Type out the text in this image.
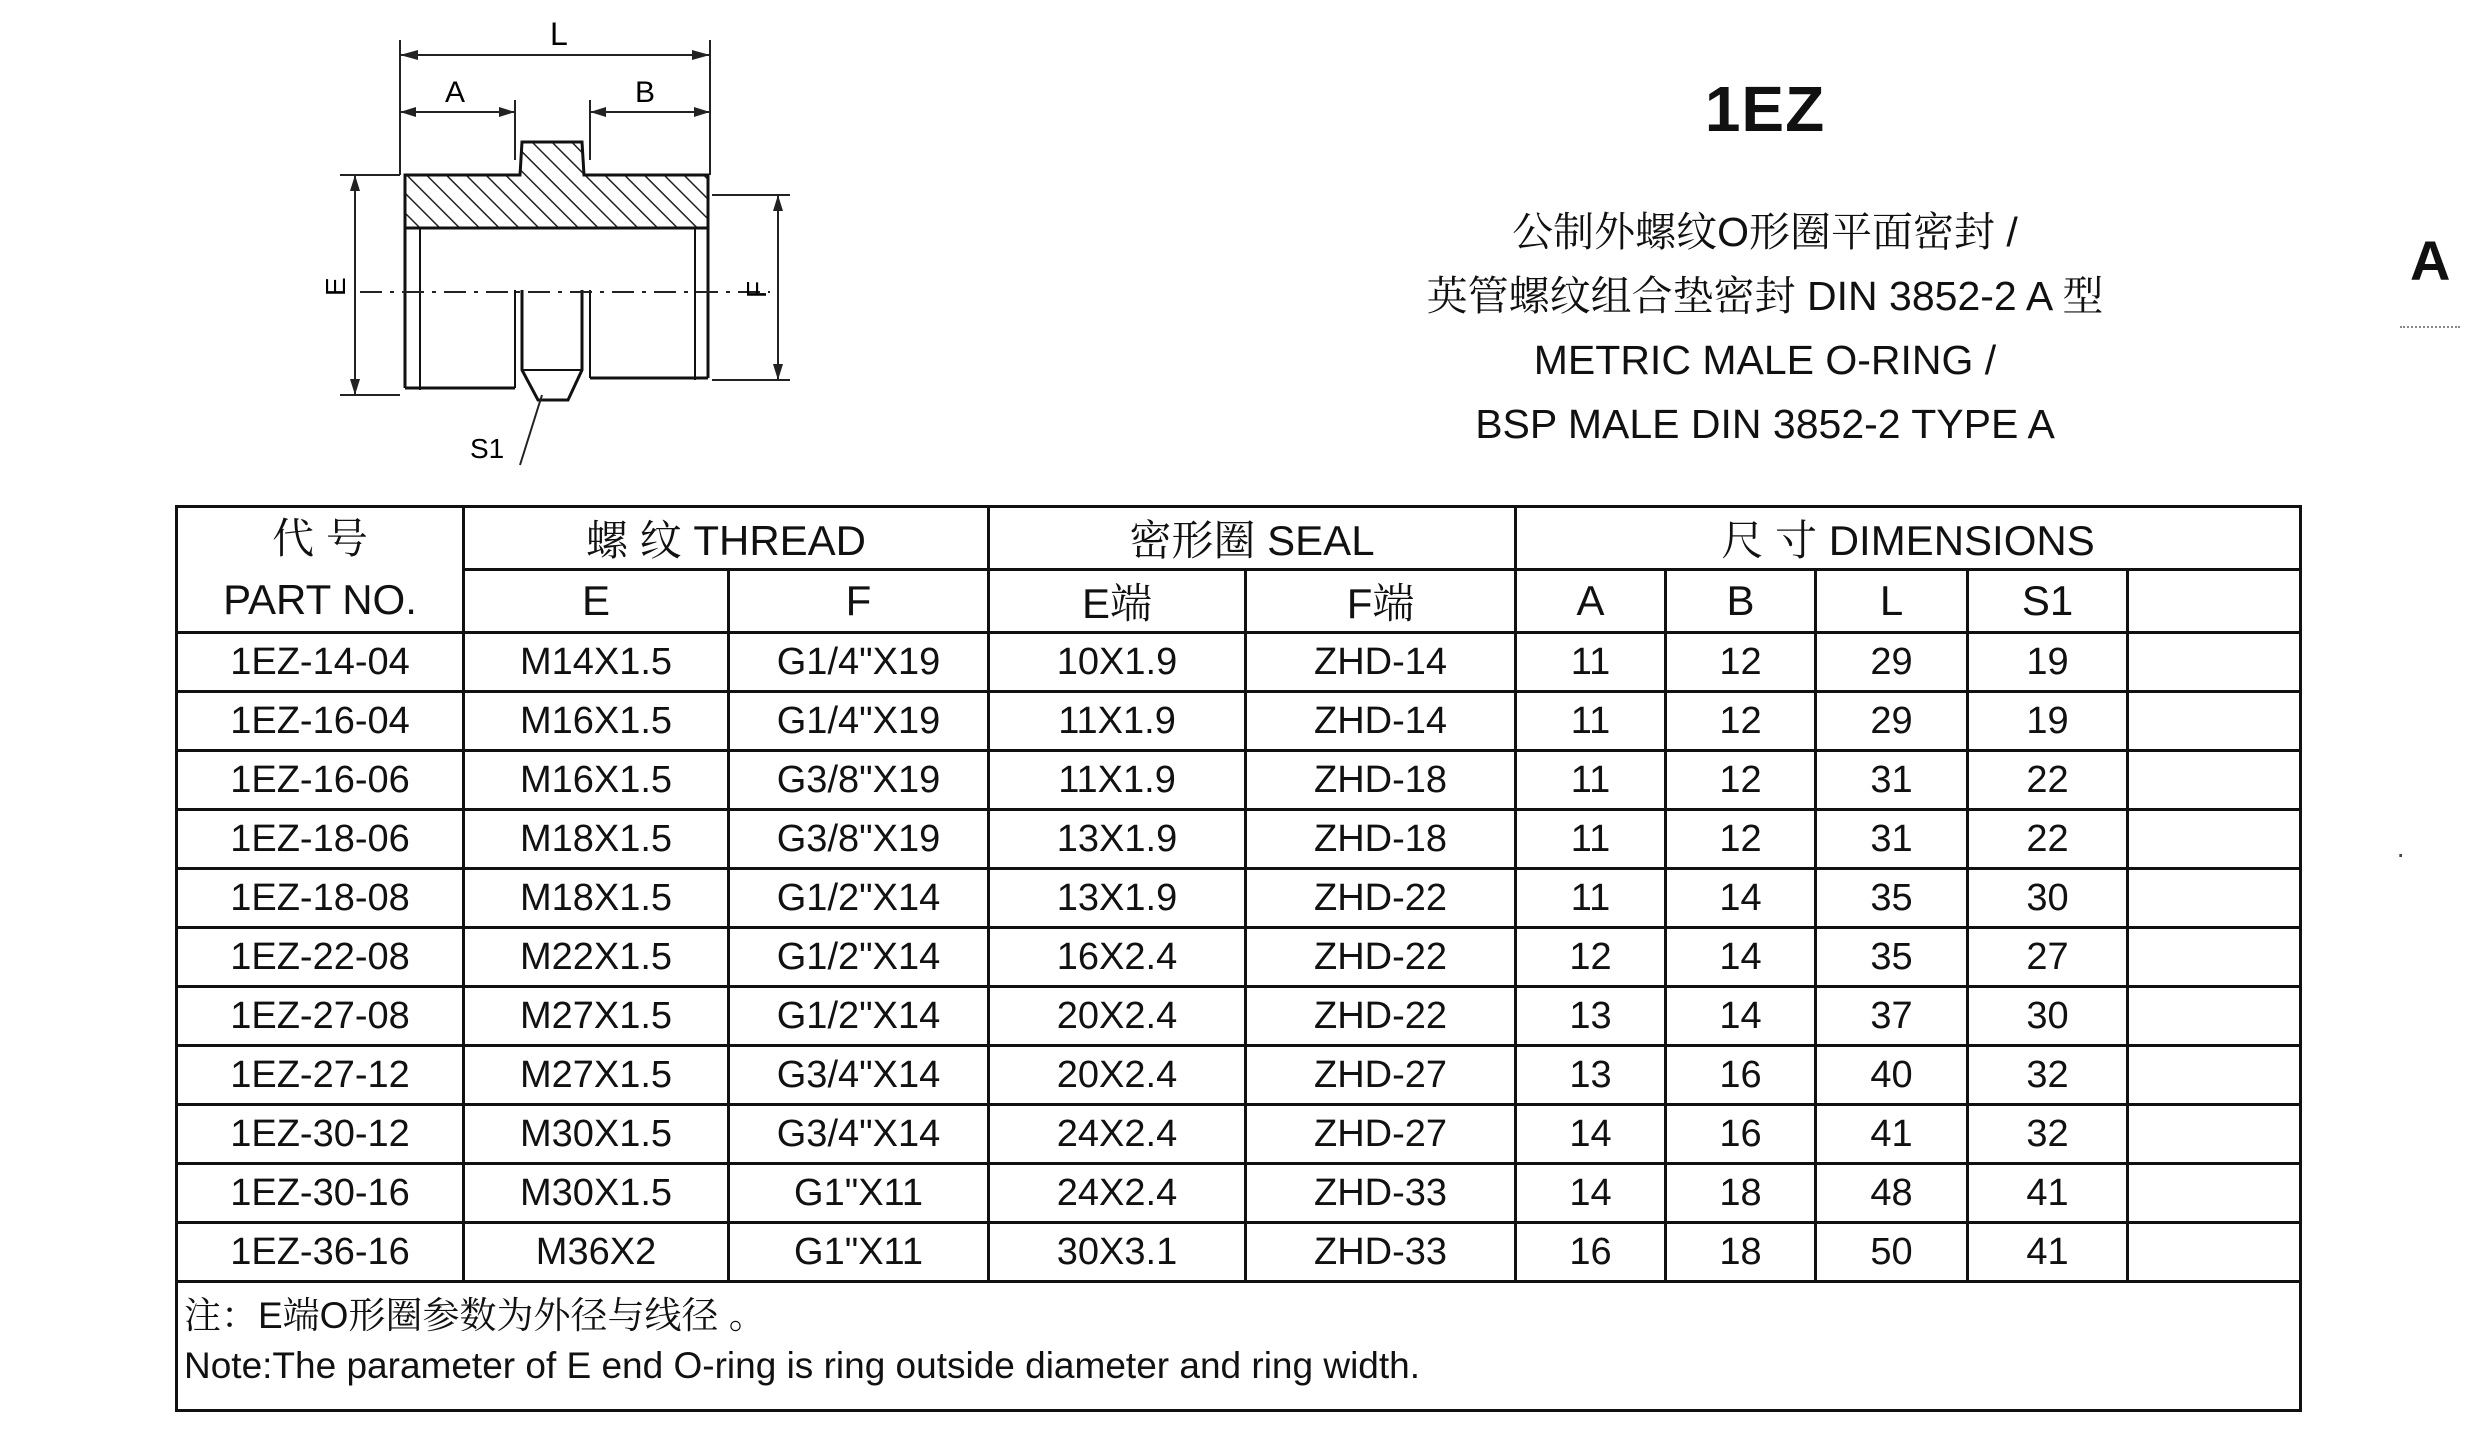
L
A	B
E	F
S1
1EZ
公制外螺纹O形圈平面密封 /
英管螺纹组合垫密封 DIN 3852-2 A 型
METRIC MALE O-RING /
BSP MALE DIN 3852-2 TYPE A
A
·
代 号	螺 纹 THREAD		密形圈 SEAL		尺 寸 DIMENSIONS				
PART NO.	E	F	E端	F端	A	B	L	S1	
1EZ-14-04	M14X1.5	G1/4"X19	10X1.9	ZHD-14	11	12	29	19	
1EZ-16-04	M16X1.5	G1/4"X19	11X1.9	ZHD-14	11	12	29	19	
1EZ-16-06	M16X1.5	G3/8"X19	11X1.9	ZHD-18	11	12	31	22	
1EZ-18-06	M18X1.5	G3/8"X19	13X1.9	ZHD-18	11	12	31	22	
1EZ-18-08	M18X1.5	G1/2"X14	13X1.9	ZHD-22	11	14	35	30	
1EZ-22-08	M22X1.5	G1/2"X14	16X2.4	ZHD-22	12	14	35	27	
1EZ-27-08	M27X1.5	G1/2"X14	20X2.4	ZHD-22	13	14	37	30	
1EZ-27-12	M27X1.5	G3/4"X14	20X2.4	ZHD-27	13	16	40	32	
1EZ-30-12	M30X1.5	G3/4"X14	24X2.4	ZHD-27	14	16	41	32	
1EZ-30-16	M30X1.5	G1"X11	24X2.4	ZHD-33	14	18	48	41	
1EZ-36-16	M36X2	G1"X11	30X3.1	ZHD-33	16	18	50	41	
注：E端O形圈参数为外径与线径 。									
Note:The parameter of E end O-ring is ring outside diameter and ring width.									
